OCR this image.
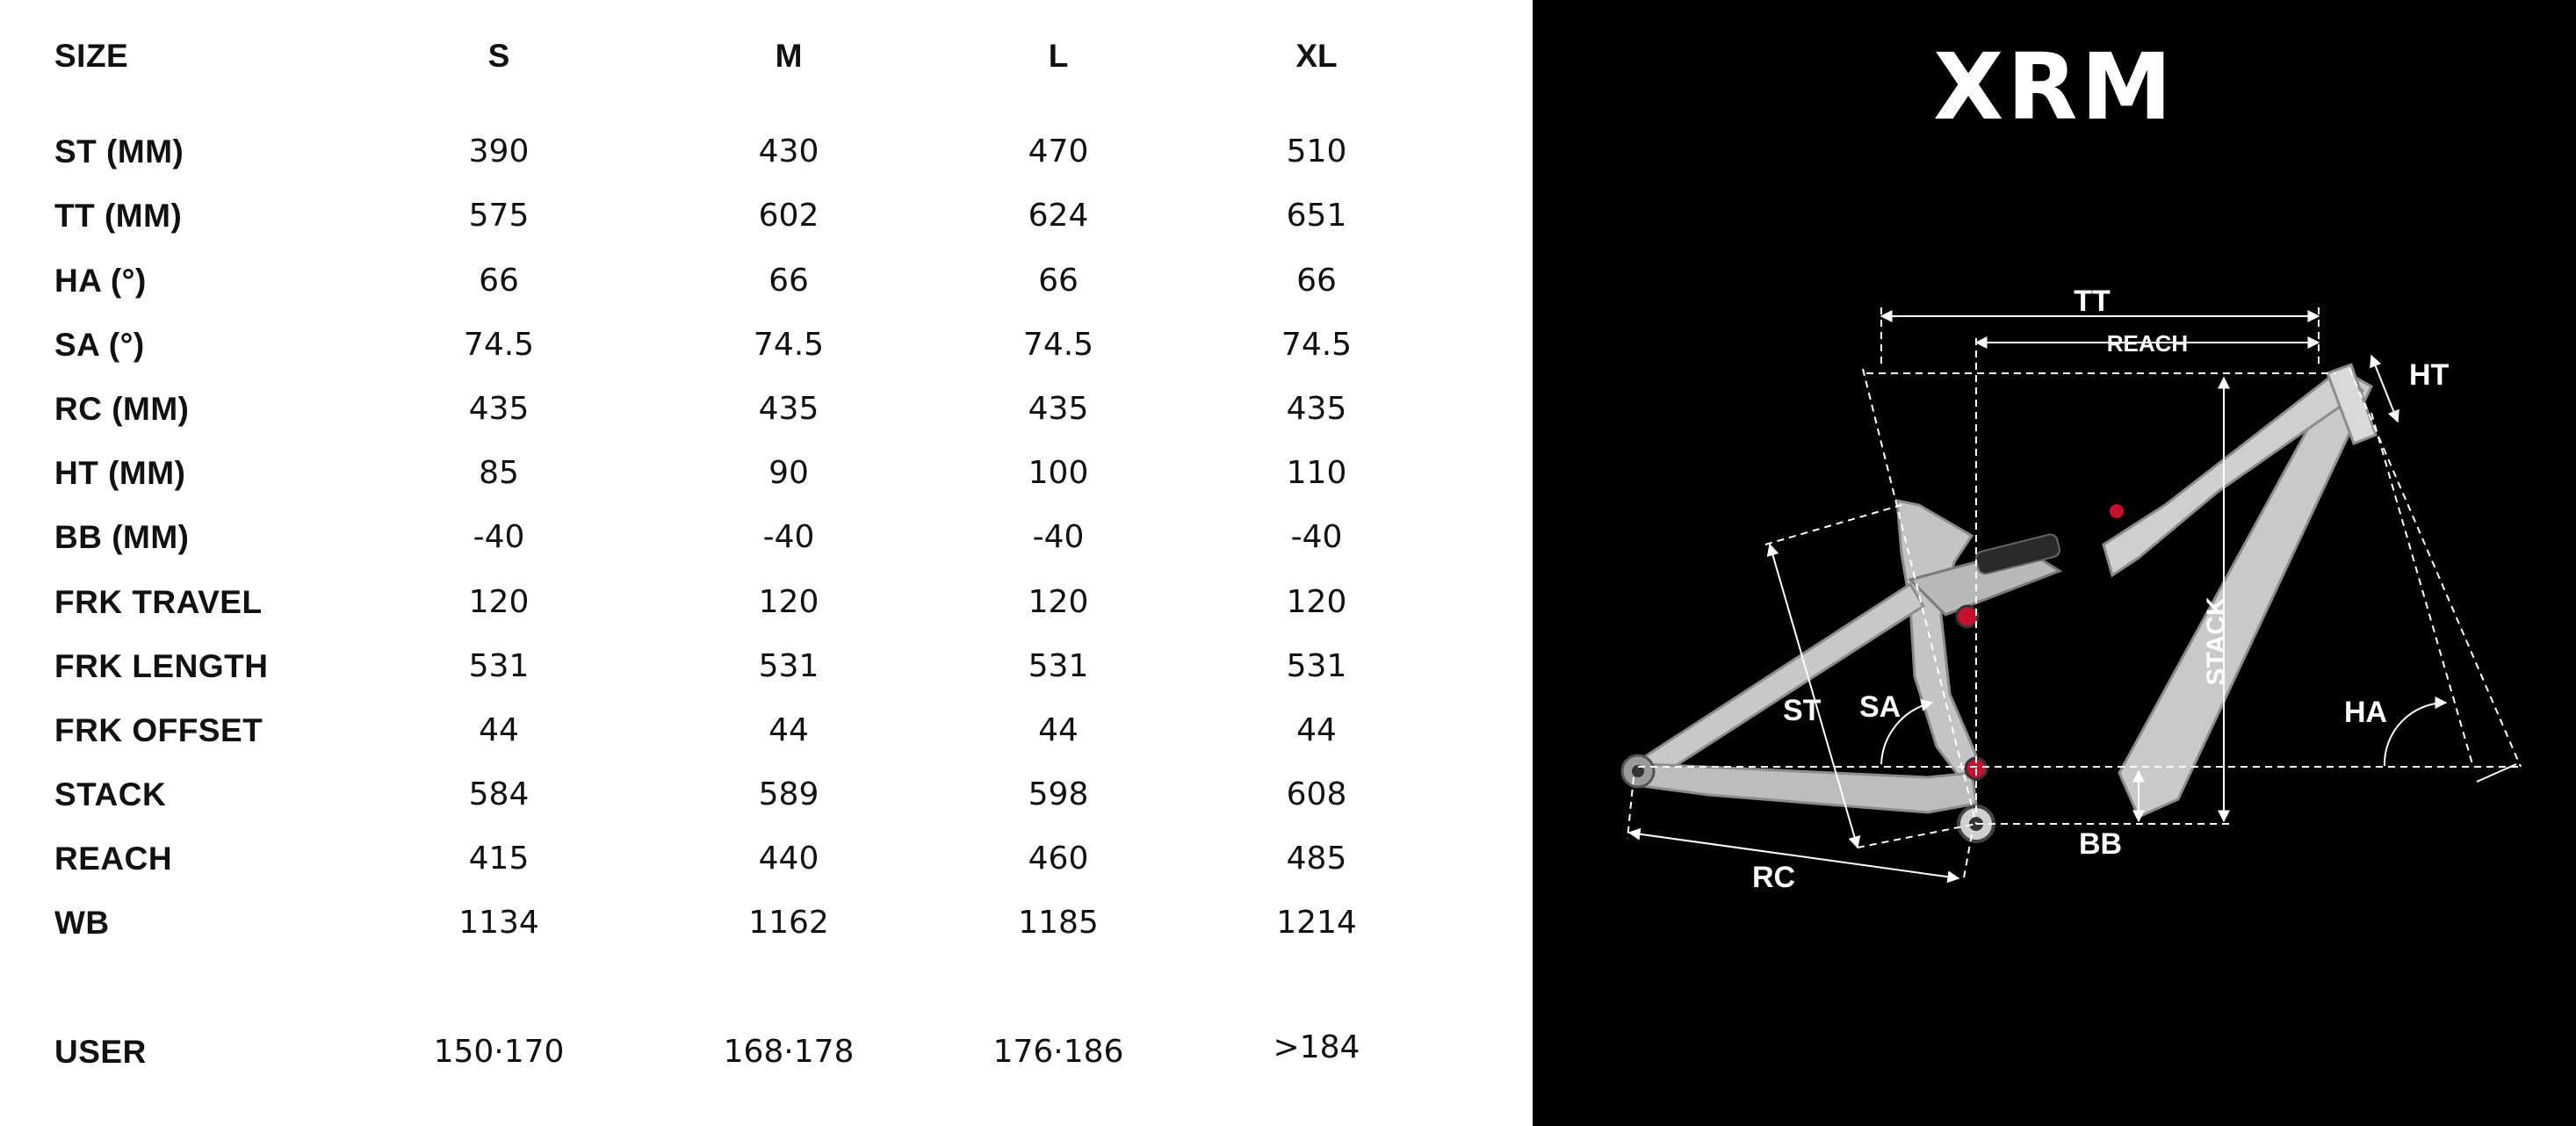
SIZE	S	M	L	XL
ST (MM)	390	430	470	510
TT (MM)	575	602	624	651
HA (°)	66	66	66	66
SA (°)	74.5	74.5	74.5	74.5
RC (MM)	435	435	435	435
HT (MM)	85	90	100	110
BB (MM)	-40	-40	-40	-40
FRK TRAVEL	120	120	120	120
FRK LENGTH	531	531	531	531
FRK OFFSET	44	44	44	44
STACK	584	589	598	608
REACH	415	440	460	485
WB	1134	1162	1185	1214
USER	150·170	168·178	176·186	>184
XRM
TT
REACH
HT
STACK
ST SA	HA
BB
RC
